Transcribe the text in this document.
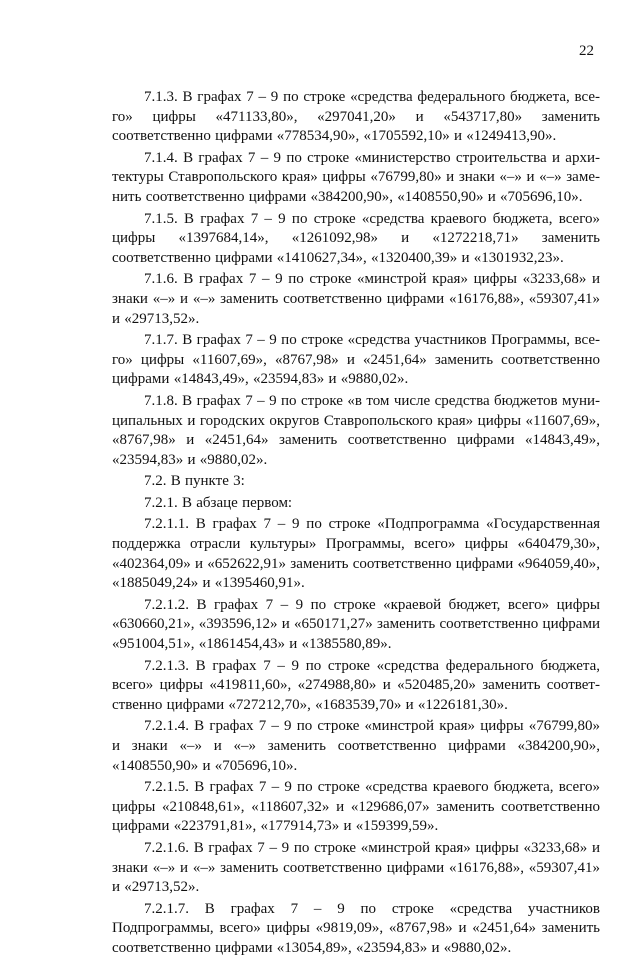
22

7.1.3. В графах 7 – 9 по строке «средства федерального бюджета, всего» цифры «471133,80», «297041,20» и «543717,80» заменить соответственно цифрами «778534,90», «1705592,10» и «1249413,90».

7.1.4. В графах 7 – 9 по строке «министерство строительства и архитектуры Ставропольского края» цифры «76799,80» и знаки «–» и «–» заменить соответственно цифрами «384200,90», «1408550,90» и «705696,10».

7.1.5. В графах 7 – 9 по строке «средства краевого бюджета, всего» цифры «1397684,14», «1261092,98» и «1272218,71» заменить соответственно цифрами «1410627,34», «1320400,39» и «1301932,23».

7.1.6. В графах 7 – 9 по строке «минстрой края» цифры «3233,68» и знаки «–» и «–» заменить соответственно цифрами «16176,88», «59307,41» и «29713,52».

7.1.7. В графах 7 – 9 по строке «средства участников Программы, всего» цифры «11607,69», «8767,98» и «2451,64» заменить соответственно цифрами «14843,49», «23594,83» и «9880,02».

7.1.8. В графах 7 – 9 по строке «в том числе средства бюджетов муниципальных и городских округов Ставропольского края» цифры «11607,69», «8767,98» и «2451,64» заменить соответственно цифрами «14843,49», «23594,83» и «9880,02».

7.2. В пункте 3:

7.2.1. В абзаце первом:

7.2.1.1. В графах 7 – 9 по строке «Подпрограмма «Государственная поддержка отрасли культуры» Программы, всего» цифры «640479,30», «402364,09» и «652622,91» заменить соответственно цифрами «964059,40», «1885049,24» и «1395460,91».

7.2.1.2. В графах 7 – 9 по строке «краевой бюджет, всего» цифры «630660,21», «393596,12» и «650171,27» заменить соответственно цифрами «951004,51», «1861454,43» и «1385580,89».

7.2.1.3. В графах 7 – 9 по строке «средства федерального бюджета, всего» цифры «419811,60», «274988,80» и «520485,20» заменить соответственно цифрами «727212,70», «1683539,70» и «1226181,30».

7.2.1.4. В графах 7 – 9 по строке «минстрой края» цифры «76799,80» и знаки «–» и «–» заменить соответственно цифрами «384200,90», «1408550,90» и «705696,10».

7.2.1.5. В графах 7 – 9 по строке «средства краевого бюджета, всего» цифры «210848,61», «118607,32» и «129686,07» заменить соответственно цифрами «223791,81», «177914,73» и «159399,59».

7.2.1.6. В графах 7 – 9 по строке «минстрой края» цифры «3233,68» и знаки «–» и «–» заменить соответственно цифрами «16176,88», «59307,41» и «29713,52».

7.2.1.7. В графах 7 – 9 по строке «средства участников Подпрограммы, всего» цифры «9819,09», «8767,98» и «2451,64» заменить соответственно цифрами «13054,89», «23594,83» и «9880,02».
